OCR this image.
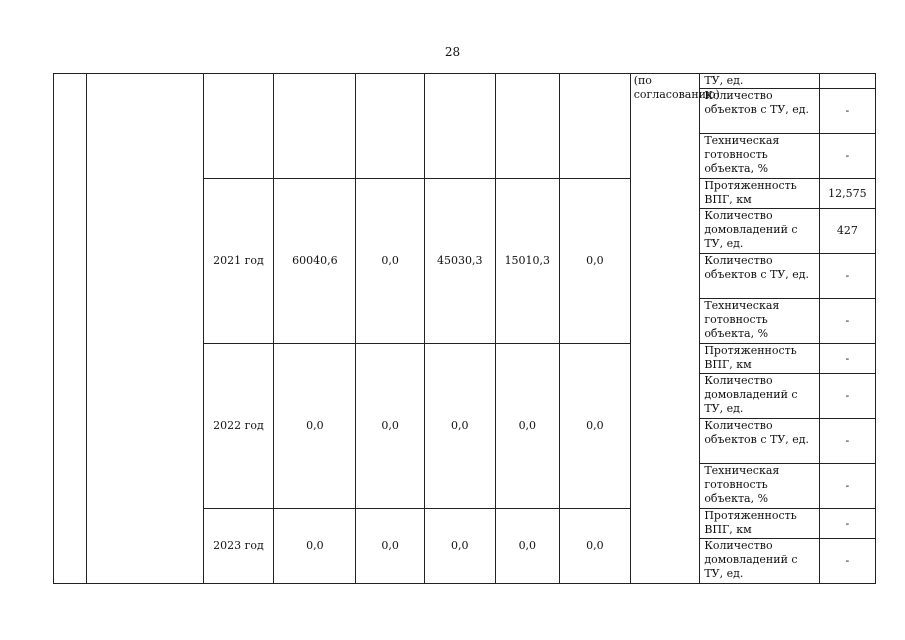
28
								(по согласованию)	ТУ, ед.	
									Количество объектов с ТУ, ед.	-
									Техническая готовность объекта, %	-
		2021 год	60040,6	0,0	45030,3	15010,3	0,0		Протяженность ВПГ, км	12,575
									Количество домовладений с ТУ, ед.	427
									Количество объектов с ТУ, ед.	-
									Техническая готовность объекта, %	-
		2022 год	0,0	0,0	0,0	0,0	0,0		Протяженность ВПГ, км	-
									Количество домовладений с ТУ, ед.	-
									Количество объектов с ТУ, ед.	-
									Техническая готовность объекта, %	-
		2023 год	0,0	0,0	0,0	0,0	0,0		Протяженность ВПГ, км	-
									Количество домовладений с ТУ, ед.	-
